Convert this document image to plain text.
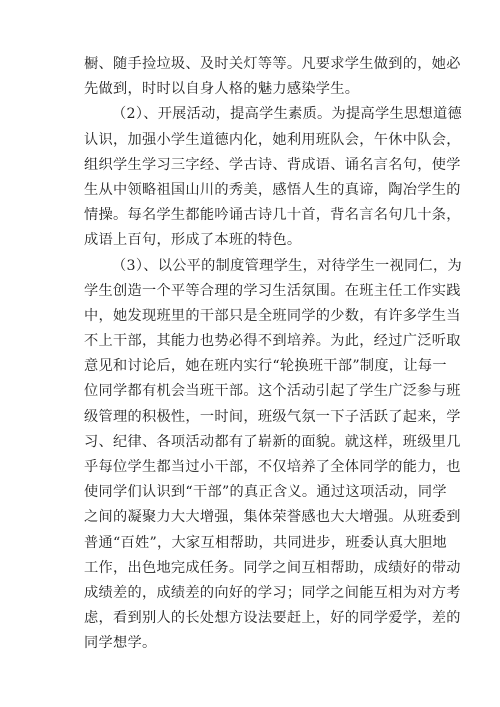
橱、随手捡垃圾、及时关灯等等。凡要求学生做到的，她必
先做到，时时以自身人格的魅力感染学生。
（2）、开展活动，提高学生素质。为提高学生思想道德
认识，加强小学生道德内化，她利用班队会，午休中队会，
组织学生学习三字经、学古诗、背成语、诵名言名句，使学
生从中领略祖国山川的秀美，感悟人生的真谛，陶冶学生的
情操。每名学生都能吟诵古诗几十首，背名言名句几十条，
成语上百句，形成了本班的特色。
（3）、以公平的制度管理学生，对待学生一视同仁，为
学生创造一个平等合理的学习生活氛围。在班主任工作实践
中，她发现班里的干部只是全班同学的少数，有许多学生当
不上干部，其能力也势必得不到培养。为此，经过广泛听取
意见和讨论后，她在班内实行“轮换班干部”制度，让每一
位同学都有机会当班干部。这个活动引起了学生广泛参与班
级管理的积极性，一时间，班级气氛一下子活跃了起来，学
习、纪律、各项活动都有了崭新的面貌。就这样，班级里几
乎每位学生都当过小干部，不仅培养了全体同学的能力，也
使同学们认识到“干部”的真正含义。通过这项活动，同学
之间的凝聚力大大增强，集体荣誉感也大大增强。从班委到
普通“百姓”，大家互相帮助，共同进步，班委认真大胆地
工作，出色地完成任务。同学之间互相帮助，成绩好的带动
成绩差的，成绩差的向好的学习；同学之间能互相为对方考
虑，看到别人的长处想方设法要赶上，好的同学爱学，差的
同学想学。
